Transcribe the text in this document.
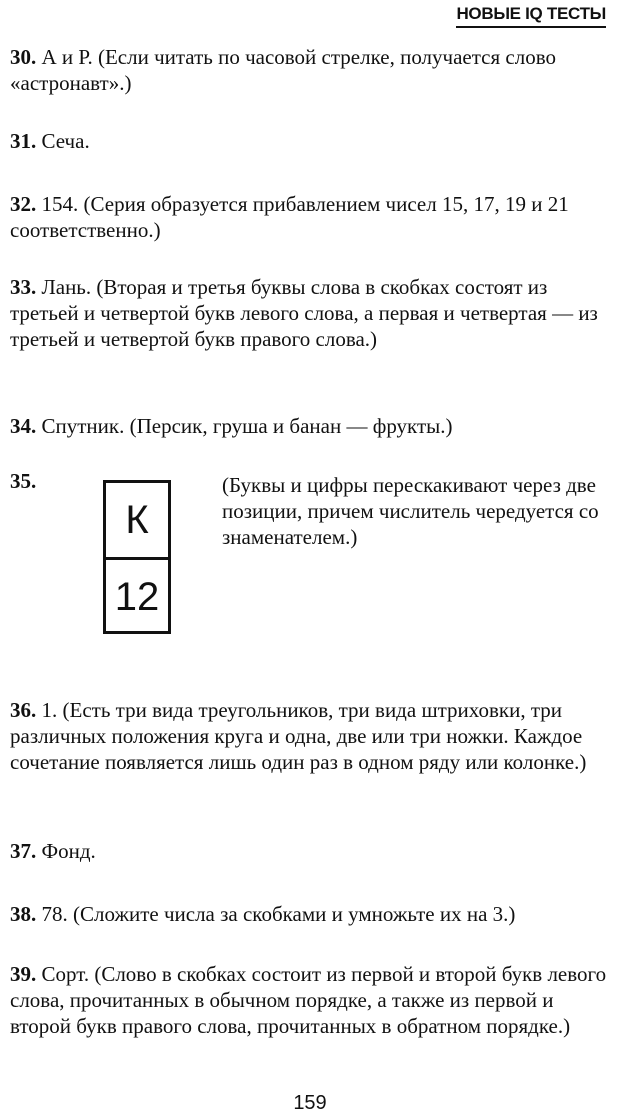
НОВЫЕ IQ ТЕСТЫ
30. А и Р. (Если читать по часовой стрелке, получается слово «астронавт».)
31. Сеча.
32. 154. (Серия образуется прибавлением чисел 15, 17, 19 и 21 соответственно.)
33. Лань. (Вторая и третья буквы слова в скобках состоят из третьей и четвертой букв левого слова, а первая и четвертая — из третьей и четвертой букв правого слова.)
34. Спутник. (Персик, груша и банан — фрукты.)
35.
К
12
(Буквы и цифры перескакивают через две позиции, причем числитель чередуется со знаменателем.)
36. 1. (Есть три вида треугольников, три вида штриховки, три различных положения круга и одна, две или три ножки. Каждое сочетание появляется лишь один раз в одном ряду или колонке.)
37. Фонд.
38. 78. (Сложите числа за скобками и умножьте их на 3.)
39. Сорт. (Слово в скобках состоит из первой и второй букв левого слова, прочитанных в обычном порядке, а также из первой и второй букв правого слова, прочитанных в обратном порядке.)
159
